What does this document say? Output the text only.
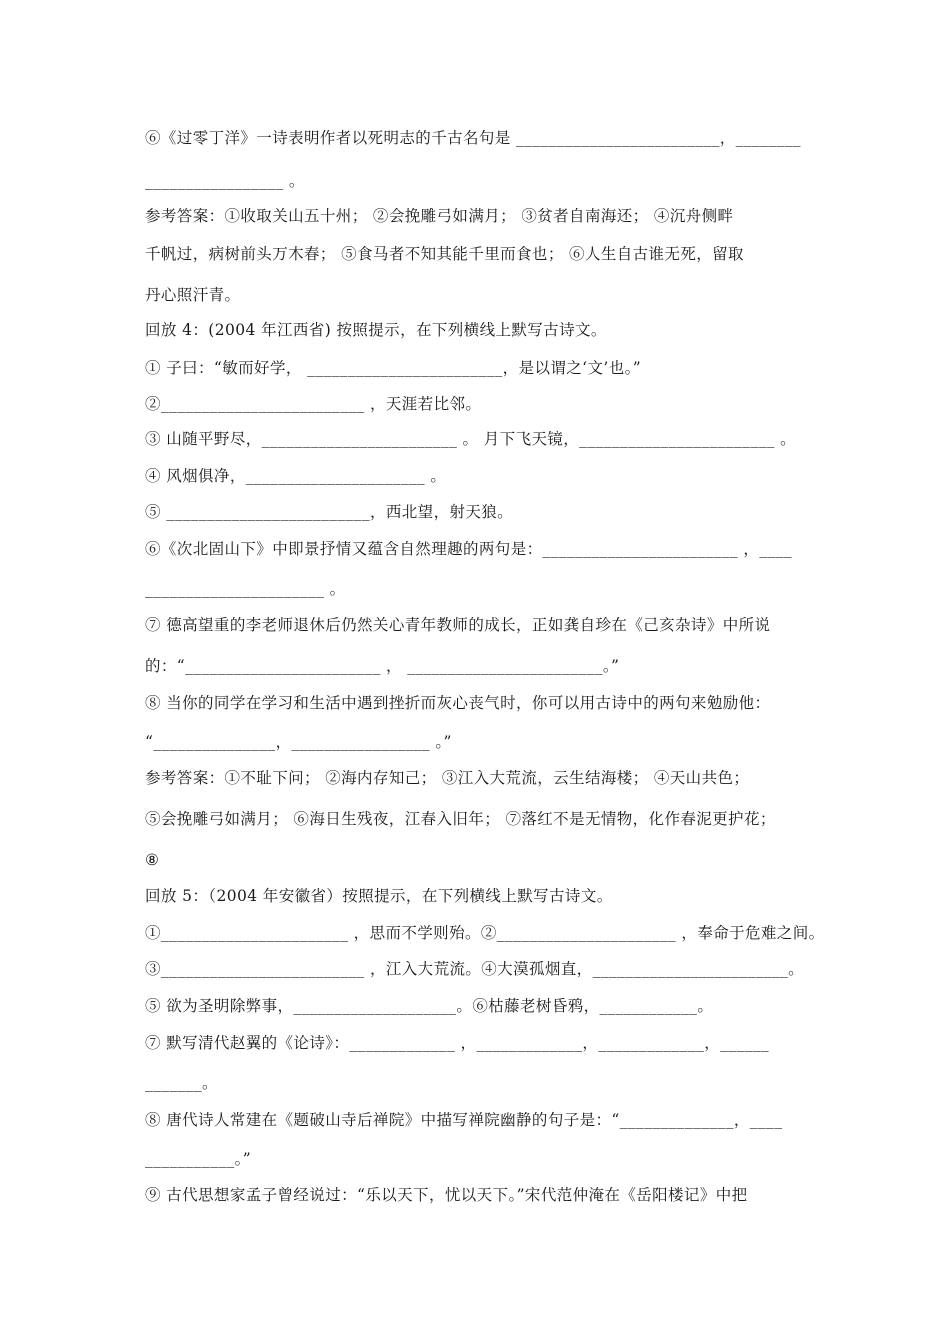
⑥《过零丁洋》一诗表明作者以死明志的千古名句是 _________________________，________
_________________ 。
参考答案：①收取关山五十州； ②会挽雕弓如满月； ③贫者自南海还； ④沉舟侧畔
千帆过，病树前头万木春； ⑤食马者不知其能千里而食也； ⑥人生自古谁无死，留取
丹心照汗青。
回放 4：(2004 年江西省) 按照提示，在下列横线上默写古诗文。
① 子曰：“敏而好学， ________________________，是以谓之‘文’也。”
②_________________________ ，天涯若比邻。
③ 山随平野尽，________________________ 。 月下飞天镜，________________________ 。
④ 风烟俱净，______________________ 。
⑤ _________________________，西北望，射天狼。
⑥《次北固山下》中即景抒情又蕴含自然理趣的两句是：________________________ ，____
______________________ 。
⑦ 德高望重的李老师退休后仍然关心青年教师的成长，正如龚自珍在《己亥杂诗》中所说
的：“________________________ ， ________________________。”
⑧ 当你的同学在学习和生活中遇到挫折而灰心丧气时，你可以用古诗中的两句来勉励他：
“_______________，_________________ 。”
参考答案：①不耻下问； ②海内存知己； ③江入大荒流，云生结海楼； ④天山共色；
⑤会挽雕弓如满月； ⑥海日生残夜，江春入旧年； ⑦落红不是无情物，化作春泥更护花；
⑧
回放 5：（2004 年安徽省）按照提示，在下列横线上默写古诗文。
①_______________________ ，思而不学则殆。②______________________ ，奉命于危难之间。
③_________________________ ，江入大荒流。④大漠孤烟直，________________________。
⑤ 欲为圣明除弊事，____________________。⑥枯藤老树昏鸦，____________。
⑦ 默写清代赵翼的《论诗》：_____________ ，_____________，_____________，______
_______。
⑧ 唐代诗人常建在《题破山寺后禅院》中描写禅院幽静的句子是：“______________，____
___________。”
⑨ 古代思想家孟子曾经说过：“乐以天下，忧以天下。”宋代范仲淹在《岳阳楼记》中把
